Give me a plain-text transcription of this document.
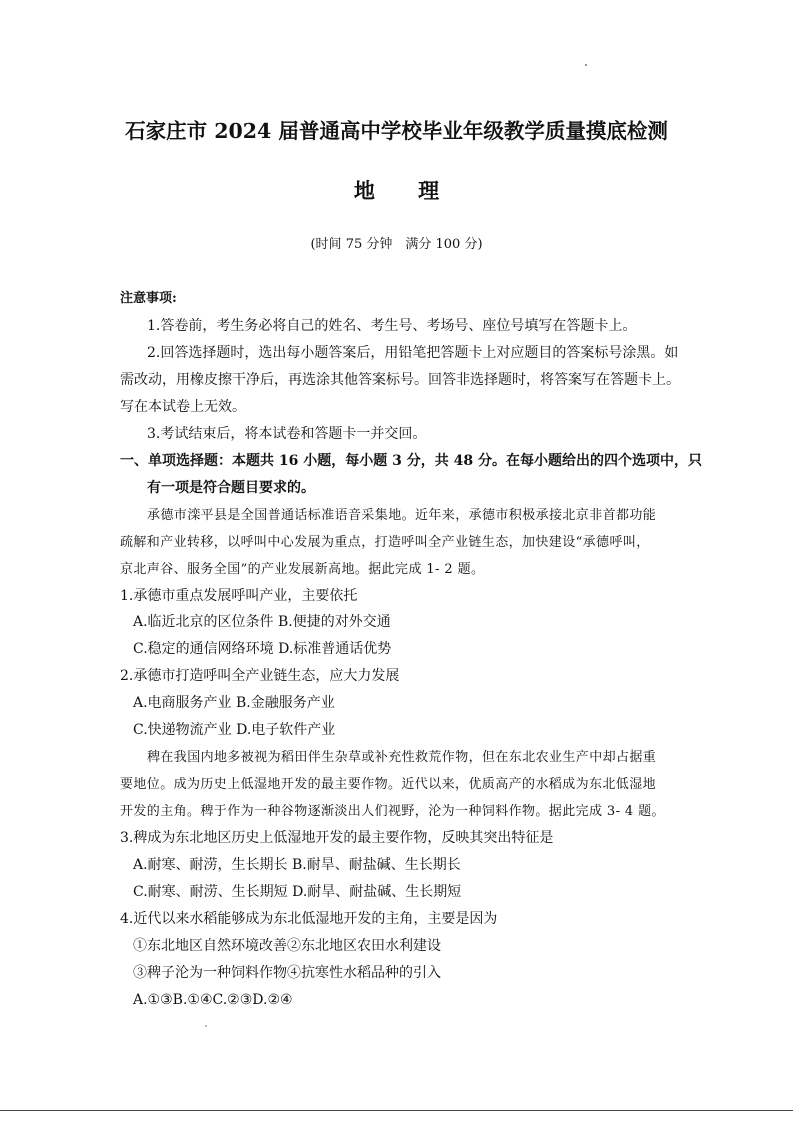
石家庄市 2024 届普通高中学校毕业年级教学质量摸底检测
地 理
(时间 75 分钟　满分 100 分)
注意事项:
1.答卷前，考生务必将自己的姓名、考生号、考场号、座位号填写在答题卡上。
2.回答选择题时，选出每小题答案后，用铅笔把答题卡上对应题目的答案标号涂黑。如
需改动，用橡皮擦干净后，再选涂其他答案标号。回答非选择题时，将答案写在答题卡上。
写在本试卷上无效。
3.考试结束后，将本试卷和答题卡一并交回。
一、单项选择题：本题共 16 小题，每小题 3 分，共 48 分。在每小题给出的四个选项中，只
有一项是符合题目要求的。
承德市滦平县是全国普通话标准语音采集地。近年来，承德市积极承接北京非首都功能
疏解和产业转移，以呼叫中心发展为重点，打造呼叫全产业链生态，加快建设“承德呼叫，
京北声谷、服务全国”的产业发展新高地。据此完成 1- 2 题。
1.承德市重点发展呼叫产业，主要依托
A.临近北京的区位条件 B.便捷的对外交通
C.稳定的通信网络环境 D.标准普通话优势
2.承德市打造呼叫全产业链生态，应大力发展
A.电商服务产业 B.金融服务产业
C.快递物流产业 D.电子软件产业
稗在我国内地多被视为稻田伴生杂草或补充性救荒作物，但在东北农业生产中却占据重
要地位。成为历史上低湿地开发的最主要作物。近代以来，优质高产的水稻成为东北低湿地
开发的主角。稗于作为一种谷物逐渐淡出人们视野，沦为一种饲料作物。据此完成 3- 4 题。
3.稗成为东北地区历史上低湿地开发的最主要作物，反映其突出特征是
A.耐寒、耐涝，生长期长 B.耐旱、耐盐碱、生长期长
C.耐寒、耐涝、生长期短 D.耐旱、耐盐碱、生长期短
4.近代以来水稻能够成为东北低湿地开发的主角，主要是因为
①东北地区自然环境改善②东北地区农田水利建设
③稗子沦为一种饲料作物④抗寒性水稻品种的引入
A.①③B.①④C.②③D.②④
